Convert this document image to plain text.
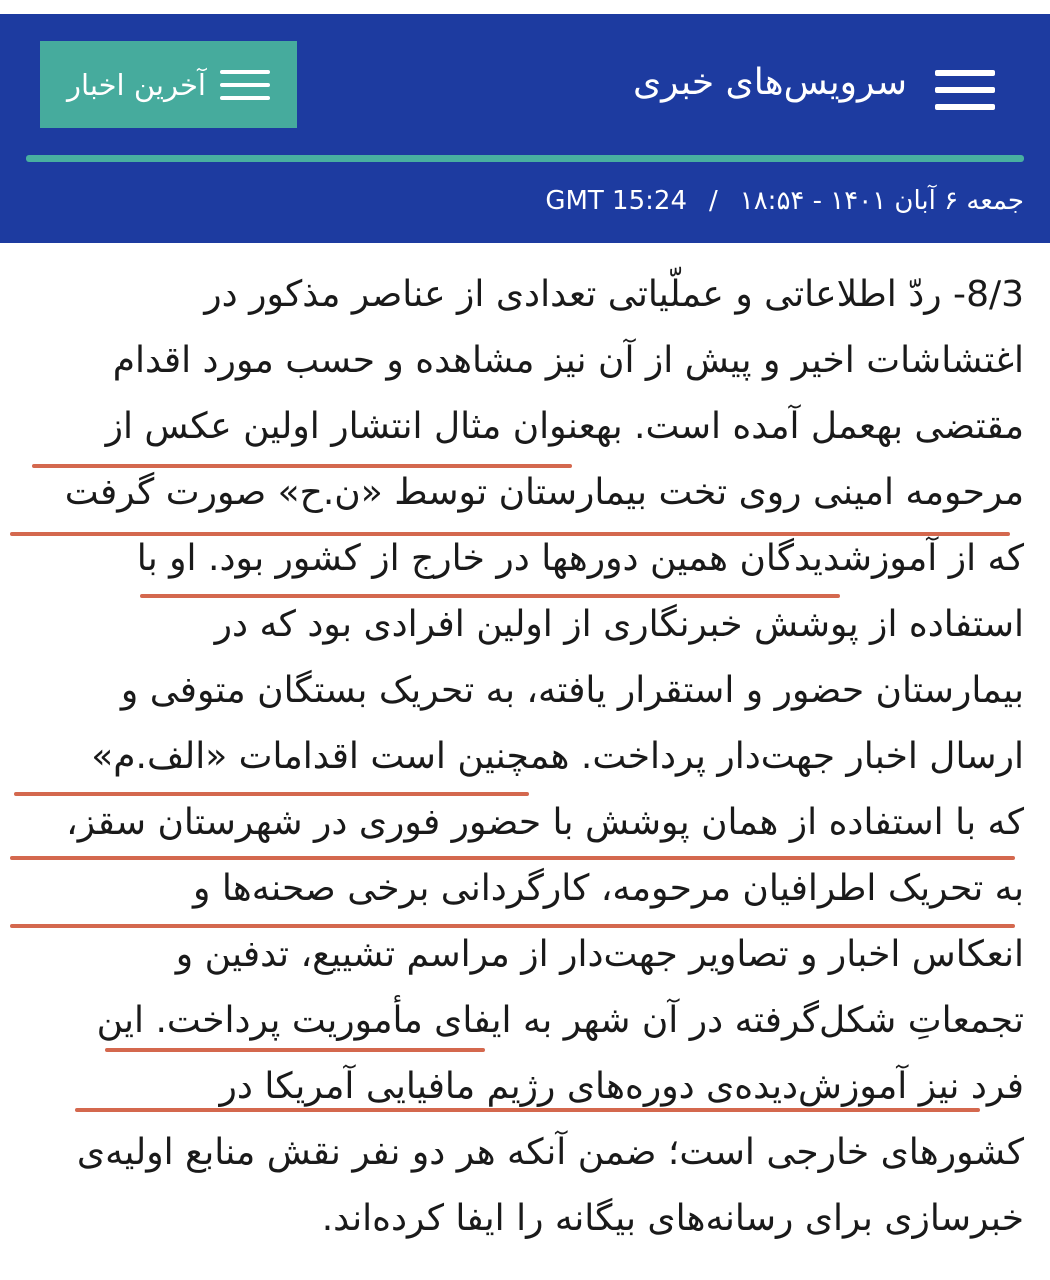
سرویس‌های خبری
آخرین اخبار
جمعه ۶ آبان ۱۴۰۱ - ۱۸:۵۴
/
GMT 15:24
8/3- ردّ اطلاعاتی و عملّیاتی تعدادی از عناصر مذکور در
اغتشاشات اخیر و پیش از آن نیز مشاهده و حسب مورد اقدام
مقتضی بهعمل آمده است. بهعنوان مثال انتشار اولین عکس از
مرحومه امینی روی تخت بیمارستان توسط «ن.ح» صورت گرفت
که از آموزشدیدگان همین دورهها در خارج از کشور بود. او با
استفاده از پوشش خبرنگاری از اولین افرادی بود که در
بیمارستان حضور و استقرار یافته، به تحریک بستگان متوفی و
ارسال اخبار جهت‌دار پرداخت. همچنین است اقدامات «الف.م»
که با استفاده از همان پوشش با حضور فوری در شهرستان سقز،
به تحریک اطرافیان مرحومه، کارگردانی برخی صحنه‌ها و
انعکاس اخبار و تصاویر جهت‌دار از مراسم تشییع، تدفین و
تجمعاتِ شکل‌گرفته در آن شهر به ایفای مأموریت پرداخت. این
فرد نیز آموزش‌دیده‌ی دوره‌های رژیم مافیایی آمریکا در
کشورهای خارجی است؛ ضمن آنکه هر دو نفر نقش منابع اولیه‌ی
خبرسازی برای رسانه‌های بیگانه را ایفا کرده‌اند.
